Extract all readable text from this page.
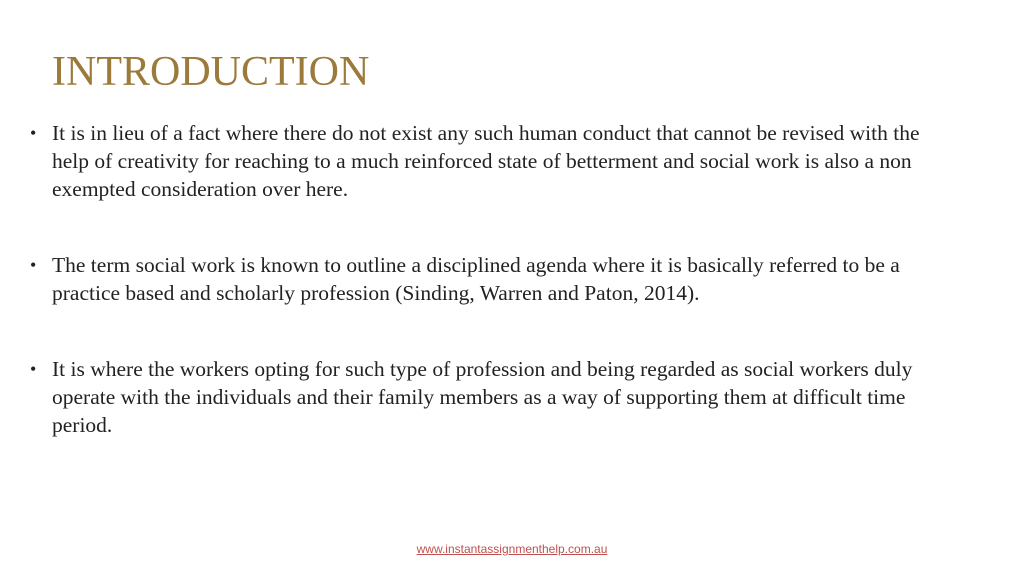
INTRODUCTION
• It is in lieu of a fact where there do not exist any such human conduct that cannot be revised with the help of creativity for reaching to a much reinforced state of betterment and social work is also a non exempted consideration over here.
• The term social work is known to outline a disciplined agenda where it is basically referred to be a practice based and scholarly profession (Sinding, Warren and Paton, 2014).
• It is where the workers opting for such type of profession and being regarded as social workers duly operate with the individuals and their family members as a way of supporting them at difficult time period.
www.instantassignmenthelp.com.au
